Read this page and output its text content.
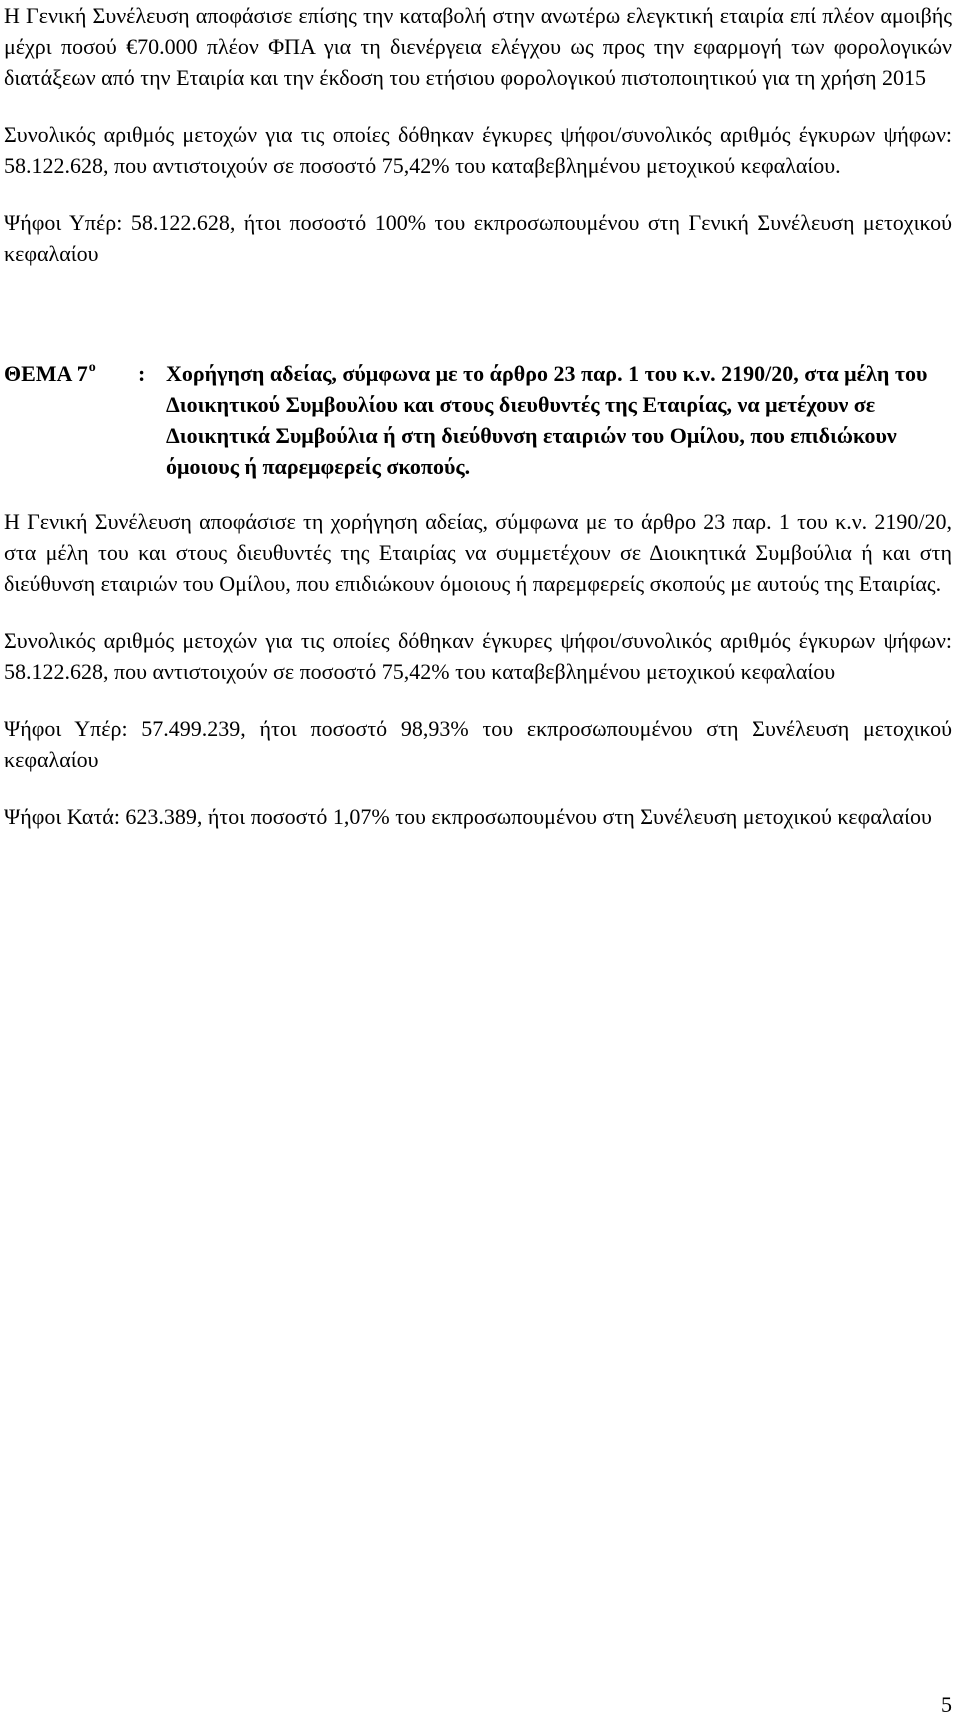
Η Γενική Συνέλευση αποφάσισε επίσης την καταβολή στην ανωτέρω ελεγκτική εταιρία επί πλέον αμοιβής μέχρι ποσού €70.000 πλέον ΦΠΑ για τη διενέργεια ελέγχου ως προς την εφαρμογή των φορολογικών διατάξεων από την Εταιρία και την έκδοση του ετήσιου φορολογικού πιστοποιητικού για τη χρήση 2015

Συνολικός αριθμός μετοχών για τις οποίες δόθηκαν έγκυρες ψήφοι/συνολικός αριθμός έγκυρων ψήφων: 58.122.628, που αντιστοιχούν σε ποσοστό 75,42% του καταβεβλημένου μετοχικού κεφαλαίου.

Ψήφοι Υπέρ: 58.122.628, ήτοι ποσοστό 100% του εκπροσωπουμένου στη Γενική Συνέλευση μετοχικού κεφαλαίου

ΘΕΜΑ $7^o$	: Χορήγηση αδείας, σύμφωνα με το άρθρο 23 παρ. 1 του κ.ν. 2190/20, στα μέλη του Διοικητικού Συμβουλίου και στους διευθυντές της Εταιρίας, να μετέχουν σε Διοικητικά Συμβούλια ή στη διεύθυνση εταιριών του Ομίλου, που επιδιώκουν όμοιους ή παρεμφερείς σκοπούς.

Η Γενική Συνέλευση αποφάσισε τη χορήγηση αδείας, σύμφωνα με το άρθρο 23 παρ. 1 του κ.ν. 2190/20, στα μέλη του και στους διευθυντές της Εταιρίας να συμμετέχουν σε Διοικητικά Συμβούλια ή και στη διεύθυνση εταιριών του Ομίλου, που επιδιώκουν όμοιους ή παρεμφερείς σκοπούς με αυτούς της Εταιρίας.

Συνολικός αριθμός μετοχών για τις οποίες δόθηκαν έγκυρες ψήφοι/συνολικός αριθμός έγκυρων ψήφων: 58.122.628, που αντιστοιχούν σε ποσοστό 75,42% του καταβεβλημένου μετοχικού κεφαλαίου

Ψήφοι Υπέρ: 57.499.239, ήτοι ποσοστό 98,93% του εκπροσωπουμένου στη Συνέλευση μετοχικού κεφαλαίου

Ψήφοι Κατά: 623.389, ήτοι ποσοστό 1,07% του εκπροσωπουμένου στη Συνέλευση μετοχικού κεφαλαίου

5
